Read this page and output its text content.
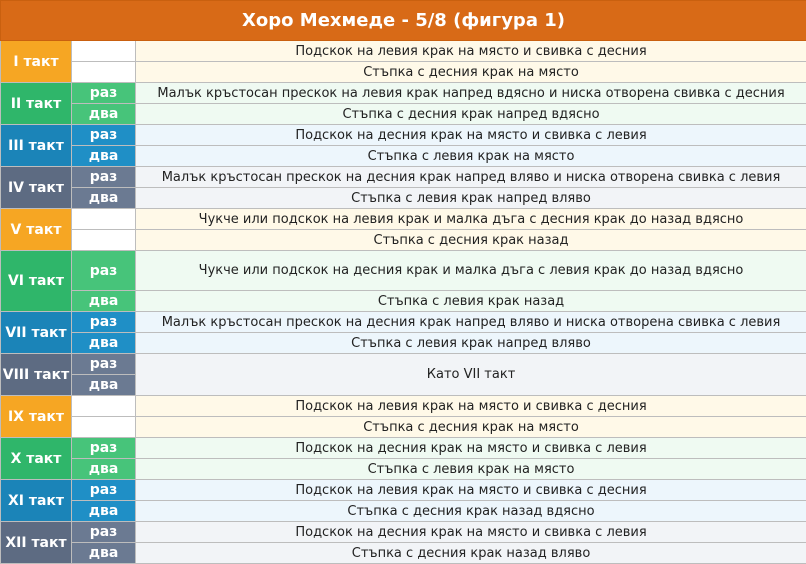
Хоро Мехмеде - 5/8 (фигура 1)		
I такт	раз	Подскок на левия крак на място и свивка с десния
	два	Стъпка с десния крак на място
II такт	раз	Малък кръстосан прескок на левия крак напред вдясно и ниска отворена свивка с десния
	два	Стъпка с десния крак напред вдясно
III такт	раз	Подскок на десния крак на място и свивка с левия
	два	Стъпка с левия крак на място
IV такт	раз	Малък кръстосан прескок на десния крак напред вляво и ниска отворена свивка с левия
	два	Стъпка с левия крак напред вляво
V такт	раз	Чукче или подскок на левия крак и малка дъга с десния крак до назад вдясно
	два	Стъпка с десния крак назад
VI такт	раз	Чукче или подскок на десния крак и малка дъга с левия крак до назад вдясно
	два	Стъпка с левия крак назад
VII такт	раз	Малък кръстосан прескок на десния крак напред вляво и ниска отворена свивка с левия
	два	Стъпка с левия крак напред вляво
VIII такт	раз	Като VII такт
	два	
IX такт	раз	Подскок на левия крак на място и свивка с десния
	два	Стъпка с десния крак на място
X такт	раз	Подскок на десния крак на място и свивка с левия
	два	Стъпка с левия крак на място
XI такт	раз	Подскок на левия крак на място и свивка с десния
	два	Стъпка с десния крак назад вдясно
XII такт	раз	Подскок на десния крак на място и свивка с левия
	два	Стъпка с десния крак назад вляво
